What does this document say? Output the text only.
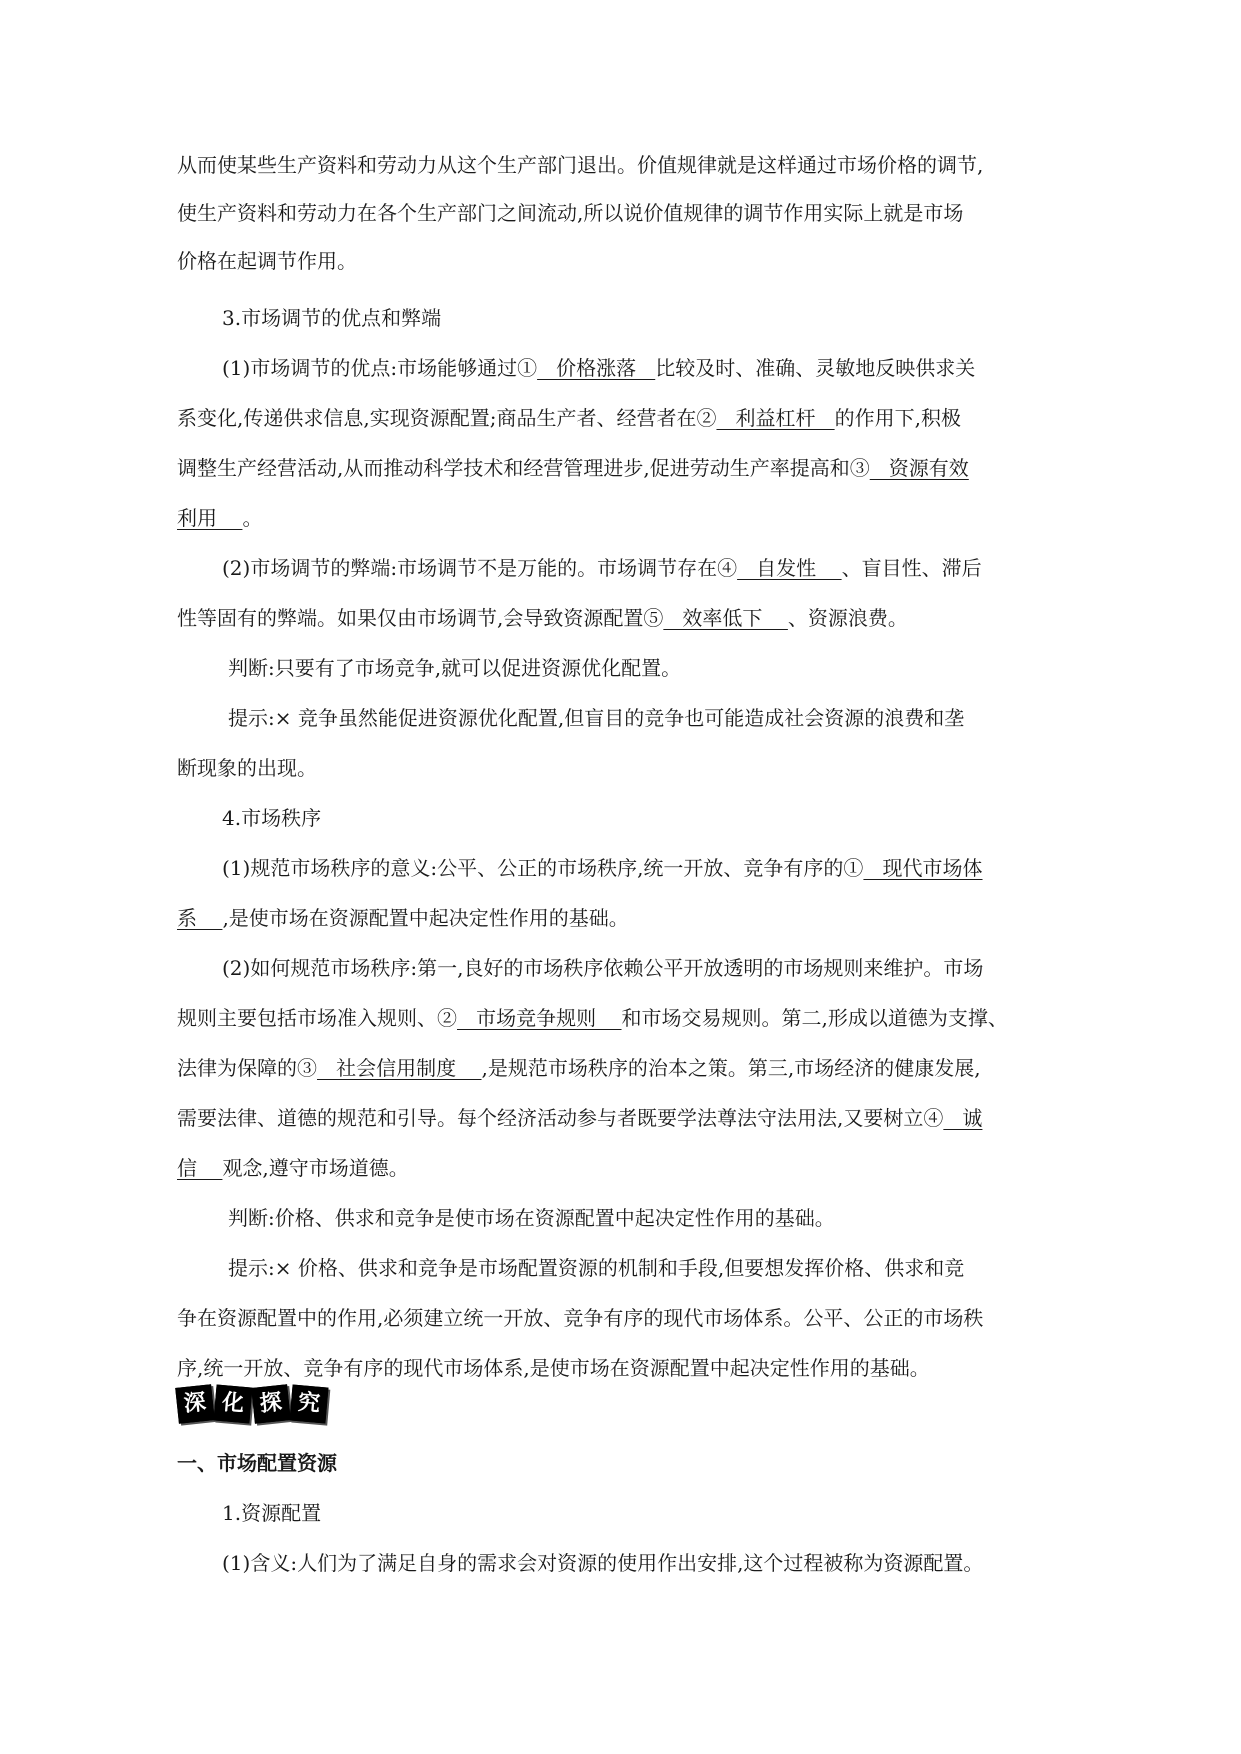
从而使某些生产资料和劳动力从这个生产部门退出。价值规律就是这样通过市场价格的调节,
使生产资料和劳动力在各个生产部门之间流动,所以说价值规律的调节作用实际上就是市场
价格在起调节作用。
3.市场调节的优点和弊端
(1)市场调节的优点:市场能够通过①   价格涨落   比较及时、准确、灵敏地反映供求关
系变化,传递供求信息,实现资源配置;商品生产者、经营者在②   利益杠杆   的作用下,积极
调整生产经营活动,从而推动科学技术和经营管理进步,促进劳动生产率提高和③   资源有效
利用    。
(2)市场调节的弊端:市场调节不是万能的。市场调节存在④   自发性    、盲目性、滞后
性等固有的弊端。如果仅由市场调节,会导致资源配置⑤   效率低下    、资源浪费。
判断:只要有了市场竞争,就可以促进资源优化配置。
提示:× 竞争虽然能促进资源优化配置,但盲目的竞争也可能造成社会资源的浪费和垄
断现象的出现。
4.市场秩序
(1)规范市场秩序的意义:公平、公正的市场秩序,统一开放、竞争有序的①   现代市场体
系    ,是使市场在资源配置中起决定性作用的基础。
(2)如何规范市场秩序:第一,良好的市场秩序依赖公平开放透明的市场规则来维护。市场
规则主要包括市场准入规则、②   市场竞争规则    和市场交易规则。第二,形成以道德为支撑、
法律为保障的③   社会信用制度    ,是规范市场秩序的治本之策。第三,市场经济的健康发展,
需要法律、道德的规范和引导。每个经济活动参与者既要学法尊法守法用法,又要树立④   诚
信    观念,遵守市场道德。
判断:价格、供求和竞争是使市场在资源配置中起决定性作用的基础。
提示:× 价格、供求和竞争是市场配置资源的机制和手段,但要想发挥价格、供求和竞
争在资源配置中的作用,必须建立统一开放、竞争有序的现代市场体系。公平、公正的市场秩
序,统一开放、竞争有序的现代市场体系,是使市场在资源配置中起决定性作用的基础。
深 化 探 究
一、市场配置资源
1.资源配置
(1)含义:人们为了满足自身的需求会对资源的使用作出安排,这个过程被称为资源配置。
